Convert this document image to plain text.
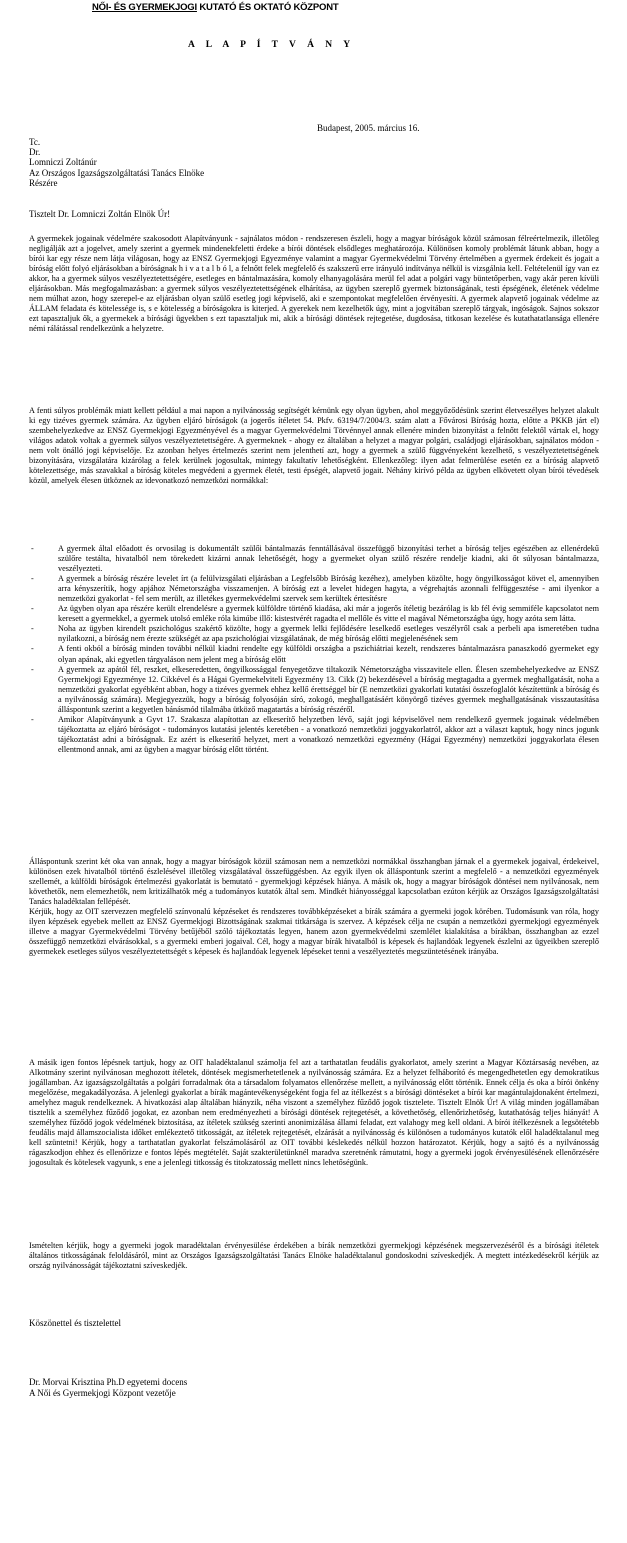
NŐI- ÉS GYERMEKJOGI KUTATÓ ÉS OKTATÓ KÖZPONT
A L A P Í T V Á N Y
Budapest, 2005. március 16.
Tc.
Dr.
Lomniczi Zoltánúr
Az Országos Igazságszolgáltatási Tanács Elnöke
Részére
Tisztelt Dr. Lomniczi Zoltán Elnök Úr!

A gyermekek jogainak védelmére szakosodott Alapítványunk - sajnálatos módon - rendszeresen észleli, hogy a magyar bíróságok közül számosan félreértelmezik, illetőleg negligálják azt a jogelvet, amely szerint a gyermek mindenekfeletti érdeke a bírói döntések elsődleges meghatározója. Különösen komoly problémát látunk abban, hogy a bírói kar egy része nem látja világosan, hogy az ENSZ Gyermekjogi Egyezménye valamint a magyar Gyermekvédelmi Törvény értelmében a gyermek érdekeit és jogait a bíróság előtt folyó eljárásokban a bíróságnak h i v a t a l b ó l, a felnőtt felek megfelelő és szakszerű erre irányuló indítványa nélkül is vizsgálnia kell. Feltételenül így van ez akkor, ha a gyermek súlyos veszélyeztetettségére, esetleges en bántalmazására, komoly elhanyagolására merül fel adat a polgári vagy büntetőperben, vagy akár peren kívüli eljárásokban. Más megfogalmazásban: a gyermek súlyos veszélyeztetettségének elhárítása, az ügyben szereplő gyermek biztonságának, testi épségének, életének védelme nem múlhat azon, hogy szerepel-e az eljárásban olyan szülő esetleg jogi képviselő, aki e szempontokat megfelelően érvényesíti. A gyermek alapvető jogainak védelme az ÁLLAM feladata és kötelessége is, s e kötelesség a bíróságokra is kiterjed. A gyerekek nem kezelhetők úgy, mint a jogvitában szereplő tárgyak, ingóságok. Sajnos sokszor ezt tapasztaljuk ők, a gyermekek a bírósági ügyekben s ezt tapasztaljuk mi, akik a bírósági döntések rejtegetése, dugdosása, titkosan kezelése és kutathatatlansága ellenére némi rálátással rendelkezünk a helyzetre.

A fenti súlyos problémák miatt kellett például a mai napon a nyilvánosság segítségét kérnünk egy olyan ügyben, ahol meggyőződésünk szerint életveszélyes helyzet alakult ki egy tizéves gyermek számára. Az ügyben eljáró bíróságok (a jogerős ítéletet 54. Pkfv. 63194/7/2004/3. szám alatt a Fővárosi Bíróság hozta, előtte a PKKB járt el) szembehelyezkedve az ENSZ Gyermekjogi Egyezményével és a magyar Gyermekvédelmi Törvénnyel annak ellenére minden bizonyítást a felnőtt felektől vártak el, hogy világos adatok voltak a gyermek súlyos veszélyeztetettségére. A gyermeknek - ahogy ez általában a helyzet a magyar polgári, családjogi eljárásokban, sajnálatos módon - nem volt önálló jogi képviselője. Ez azonban helyes értelmezés szerint nem jelenthetí azt, hogy a gyermek a szülő függvényeként kezelhető, s veszélyeztetettségének bizonyítására, vizsgálatára kizárólag a felek kerülnek jogosultak, mintegy fakultatív lehetőségként. Ellenkezőleg: ilyen adat felmerülése esetén ez a bíróság alapvető kötelezettsége, más szavakkal a bíróság köteles megvédeni a gyermek életét, testi épségét, alapvető jogait. Néhány kirívó példa az ügyben elkövetett olyan bírói tévedések közül, amelyek élesen ütköznek az idevonatkozó nemzetközi normákkal:

-	A gyermek által előadott és orvosilag is dokumentált szülői bántalmazás fenntállásával összefüggő bizonyítási terhet a bíróság teljes egészében az ellenérdekű szülőre testálta, hivatalból nem törekedett kizárni annak lehetőségét, hogy a gyermeket olyan szülő részére rendelje kiadni, aki őt súlyosan bántalmazza, veszélyezteti.
-	A gyermek a bíróság részére levelet írt (a felülvizsgálati eljárásban a Legfelsőbb Bíróság kezéhez), amelyben közölte, hogy öngyilkosságot követ el, amennyiben arra kényszerítik, hogy apjához Németországba visszamenjen. A bíróság ezt a levelet hidegen hagyta, a végrehajtás azonnali felfüggesztése - ami ilyenkor a nemzetközi gyakorlat - fel sem merült, az illetékes gyermekvédelmi szervek sem kerültek értesítésre
-	Az ügyben olyan apa részére került elrendelésre a gyermek külföldre történő kiadása, aki már a jogerős ítéletig bezárólag is kb fél évig semmiféle kapcsolatot nem keresett a gyermekkel, a gyermek utolsó emléke róla kimúbe illő: kistestvérét ragadta el mellőle és vitte el magával Németországba úgy, hogy azóta sem látta.
-	Noha az ügyben kirendelt pszichológus szakértő közölte, hogy a gyermek lelki fejlődésére leselkedő esetleges veszélyről csak a perbeli apa ismeretében tudna nyilatkozni, a bíróság nem érezte szükségét az apa pszichológiai vizsgálatának, de még bíróság előtti megjelenésének sem
-	A fenti okból a bíróság minden további nélkül kiadni rendelte egy külföldi országba a pszichiátriai kezelt, rendszeres bántalmazásra panaszkodó gyermeket egy olyan apának, aki egyetlen tárgyaláson nem jelent meg a bíróság előtt
-	A gyermek az apától fél, reszket, elkeseredetten, öngyilkossággal fenyegetőzve tiltakozik Németországba visszavitele ellen. Élesen szembehelyezkedve az ENSZ Gyermekjogi Egyezménye 12. Cikkével és a Hágai Gyermekelviteli Egyezmény 13. Cikk (2) bekezdésével a bíróság megtagadta a gyermek meghallgatását, noha a nemzetközi gyakorlat egyébként abban, hogy a tizéves gyermek ehhez kellő érettséggel bír (E nemzetközi gyakorlati kutatási összefoglalót készítettünk a bíróság és a nyilvánosság számára). Megjegyezzük, hogy a bíróság folyosóján síró, zokogó, meghallgatásáért könyörgő tizéves gyermek meghallgatásának visszautasítása álláspontunk szerint a kegyetlen bánásmód tilalmába ütköző magatartás a bíróság részéről.
-	Amikor Alapítványunk a Gyvt 17. Szakasza alapítottan az elkeserítő helyzetben lévő, saját jogi képviselővel nem rendelkező gyermek jogainak védelmében tájékoztatta az eljáró bíróságot - tudományos kutatási jelentés keretében - a vonatkozó nemzetközi joggyakorlatról, akkor azt a választ kaptuk, hogy nincs jogunk tájékoztatást adni a bíróságnak. Ez azért is elkeserítő helyzet, mert a vonatkozó nemzetközi egyezmény (Hágai Egyezmény) nemzetközi joggyakorlata élesen ellentmond annak, ami az ügyben a magyar bíróság előtt történt.

Álláspontunk szerint két oka van annak, hogy a magyar bíróságok közül számosan nem a nemzetközi normákkal összhangban járnak el a gyermekek jogaival, érdekeivel, különösen ezek hivatalból történő észlelésével illetőleg vizsgálatával összefüggésben. Az egyik ilyen ok álláspontunk szerint a megfelelő - a nemzetközi egyezmények szellemét, a külföldi bíróságok értelmezési gyakorlatát is bemutató - gyermekjogi képzések hiánya. A másik ok, hogy a magyar bíróságok döntései nem nyilvánosak, nem követhetők, nem elemezhetők, nem kritizálhatók még a tudományos kutatók által sem. Mindkét hiányosséggal kapcsolatban ezúton kérjük az Országos Igazságszolgáltatási Tanács haladéktalan fellépését.
Kérjük, hogy az OIT szervezzen megfelelő színvonalú képzéseket és rendszeres továbbképzéseket a bírák számára a gyermeki jogok körében. Tudomásunk van róla, hogy ilyen képzések egyebek mellett az ENSZ Gyermekjogi Bizottságának szakmai titkársága is szervez. A képzések célja ne csupán a nemzetközi gyermekjogi egyezmények illetve a magyar Gyermekvédelmi Törvény betűjéből szóló tájékoztatás legyen, hanem azon gyermekvédelmi szemlélet kialakítása a bírákban, összhangban az ezzel összefüggő nemzetközi elvárásokkal, s a gyermeki emberi jogaival. Cél, hogy a magyar bírák hivatalból is képesek és hajlandóak legyenek észlelni az ügyeikben szereplő gyermekek esetleges súlyos veszélyeztetettségét s képesek és hajlandóak legyenek lépéseket tenni a veszélyeztetés megszüntetésének irányába.

A másik igen fontos lépésnek tartjuk, hogy az OIT haladéktalanul számolja fel azt a tarthatatlan feudális gyakorlatot, amely szerint a Magyar Köztársaság nevében, az Alkotmány szerint nyilvánosan meghozott ítéletek, döntések megismerhetetlenek a nyilvánosság számára. Ez a helyzet felháborító és megengedhetetlen egy demokratikus jogállamban. Az igazságszolgáltatás a polgári forradalmak óta a társadalom folyamatos ellenőrzése mellett, a nyilvánosság előtt történik. Ennek célja és oka a bírói önkény megelőzése, megakadályozása. A jelenlegi gyakorlat a bírák magántevékenységeként fogja fel az ítélkezést s a bírósági döntéseket a bírói kar magántulajdonaként értelmezi, amelyhez maguk rendelkeznek. A hivatkozási alap általában hiányzik, néha viszont a személyhez fűződő jogok tisztelete. Tisztelt Elnök Úr! A világ minden jogállamában tisztelik a személyhez fűződő jogokat, ez azonban nem eredményezheti a bírósági döntések rejtegetését, a követhetőség, ellenőrizhetőség, kutathatóság teljes hiányát! A személyhez fűződő jogok védelmének biztosítása, az ítéletek szükség szerinti anonimizálása állami feladat, ezt valahogy meg kell oldani. A bírói ítélkezésnek a legsötétebb feudális majd államszocialista időket emlékeztető titkosságát, az ítéletek rejtegetését, elzárását a nyilvánosság és különösen a tudományos kutatók elől haladéktalanul meg kell szüntetni! Kérjük, hogy a tarthatatlan gyakorlat felszámolásáról az OIT további késlekedés nélkül hozzon határozatot. Kérjük, hogy a sajtó és a nyilvánosság rágaszkodjon ehhez és ellenőrizze e fontos lépés megtételét. Saját szakterületünknél maradva szeretnénk rámutatni, hogy a gyermeki jogok érvényesülésének ellenőrzésére jogosultak és kötelesek vagyunk, s ene a jelenlegi titkosság és titokzatosság mellett nincs lehetőségünk.

Ismételten kérjük, hogy a gyermeki jogok maradéktalan érvényesülése érdekében a bírák nemzetközi gyermekjogi képzésének megszervezéséről és a bírósági ítéletek általános titkosságának feloldásáról, mint az Országos Igazságszolgáltatási Tanács Elnöke haladéktalanul gondoskodni szíveskedjék. A megtett intézkedésekről kérjük az ország nyilvánosságát tájékoztatni szíveskedjék.

Köszönettel és tisztelettel
Dr. Morvai Krisztina Ph.D egyetemi docens
A Női és Gyermekjogi Központ vezetője
